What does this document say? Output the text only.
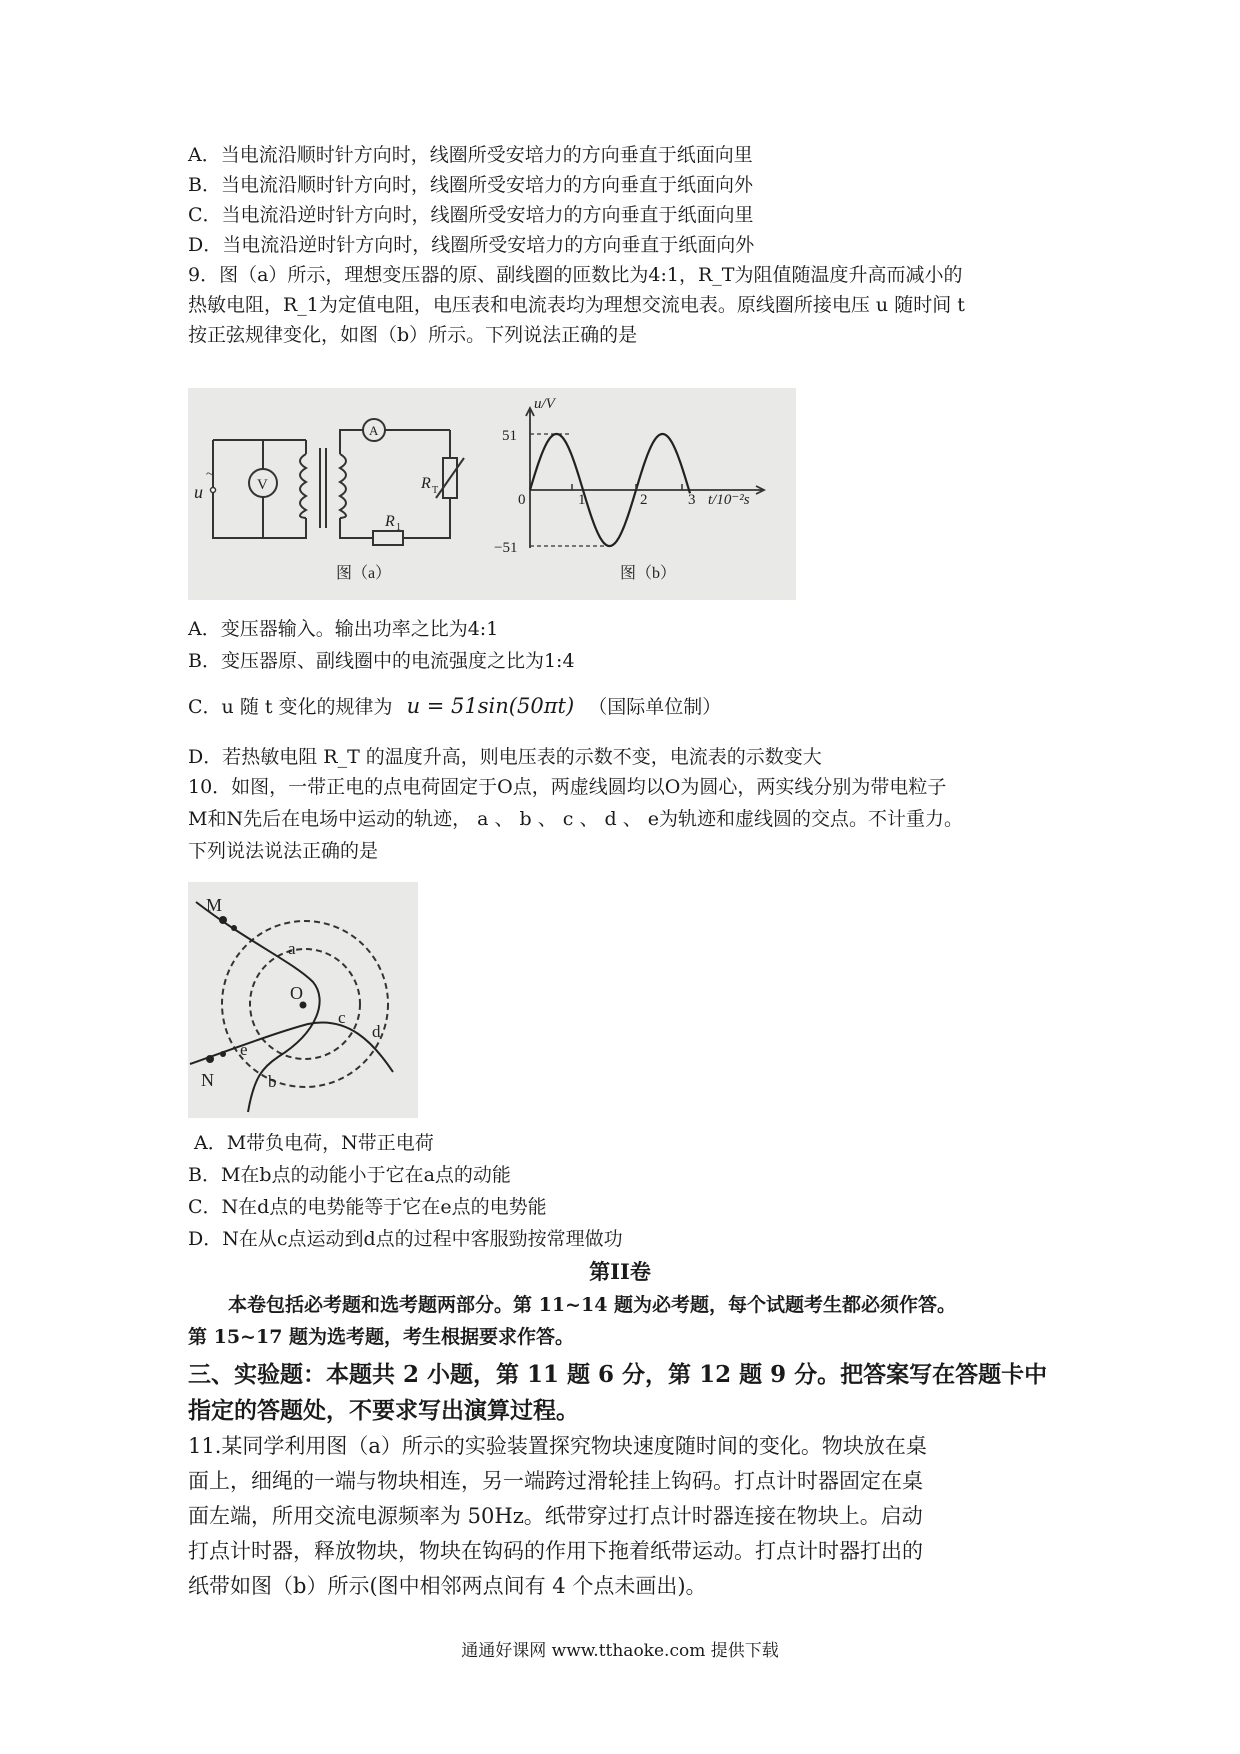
A．当电流沿顺时针方向时，线圈所受安培力的方向垂直于纸面向里
B．当电流沿顺时针方向时，线圈所受安培力的方向垂直于纸面向外
C．当电流沿逆时针方向时，线圈所受安培力的方向垂直于纸面向里
D．当电流沿逆时针方向时，线圈所受安培力的方向垂直于纸面向外
9．图（a）所示，理想变压器的原、副线圈的匝数比为4:1，R_T为阻值随温度升高而减小的
热敏电阻，R_1为定值电阻，电压表和电流表均为理想交流电表。原线圈所接电压 u 随时间 t
按正弦规律变化，如图（b）所示。下列说法正确的是
u
~
V
A
R T
R 1
图（a）
u/V
51
0
−51
1	2	3 t/10⁻²s
图（b）
A．变压器输入。输出功率之比为4:1
B．变压器原、副线圈中的电流强度之比为1:4
C．u 随 t 变化的规律为 u = 51sin(50πt) （国际单位制）
D．若热敏电阻 R_T 的温度升高，则电压表的示数不变，电流表的示数变大
10．如图，一带正电的点电荷固定于O点，两虚线圆均以O为圆心，两实线分别为带电粒子
M和N先后在电场中运动的轨迹， a 、 b 、 c 、 d 、 e为轨迹和虚线圆的交点。不计重力。
下列说法说法正确的是
M
N
O
a
b
c
d
e
A．M带负电荷，N带正电荷
B．M在b点的动能小于它在a点的动能
C．N在d点的电势能等于它在e点的电势能
D．N在从c点运动到d点的过程中客服勁按常理做功
第II卷
本卷包括必考题和选考题两部分。第 11~14 题为必考题，每个试题考生都必须作答。
第 15~17 题为选考题，考生根据要求作答。
三、实验题：本题共 2 小题，第 11 题 6 分，第 12 题 9 分。把答案写在答题卡中
指定的答题处，不要求写出演算过程。
11.某同学利用图（a）所示的实验装置探究物块速度随时间的变化。物块放在桌
面上，细绳的一端与物块相连，另一端跨过滑轮挂上钩码。打点计时器固定在桌
面左端，所用交流电源频率为 50Hz。纸带穿过打点计时器连接在物块上。启动
打点计时器，释放物块，物块在钩码的作用下拖着纸带运动。打点计时器打出的
纸带如图（b）所示(图中相邻两点间有 4 个点未画出)。
通通好课网 www.tthaoke.com 提供下载
